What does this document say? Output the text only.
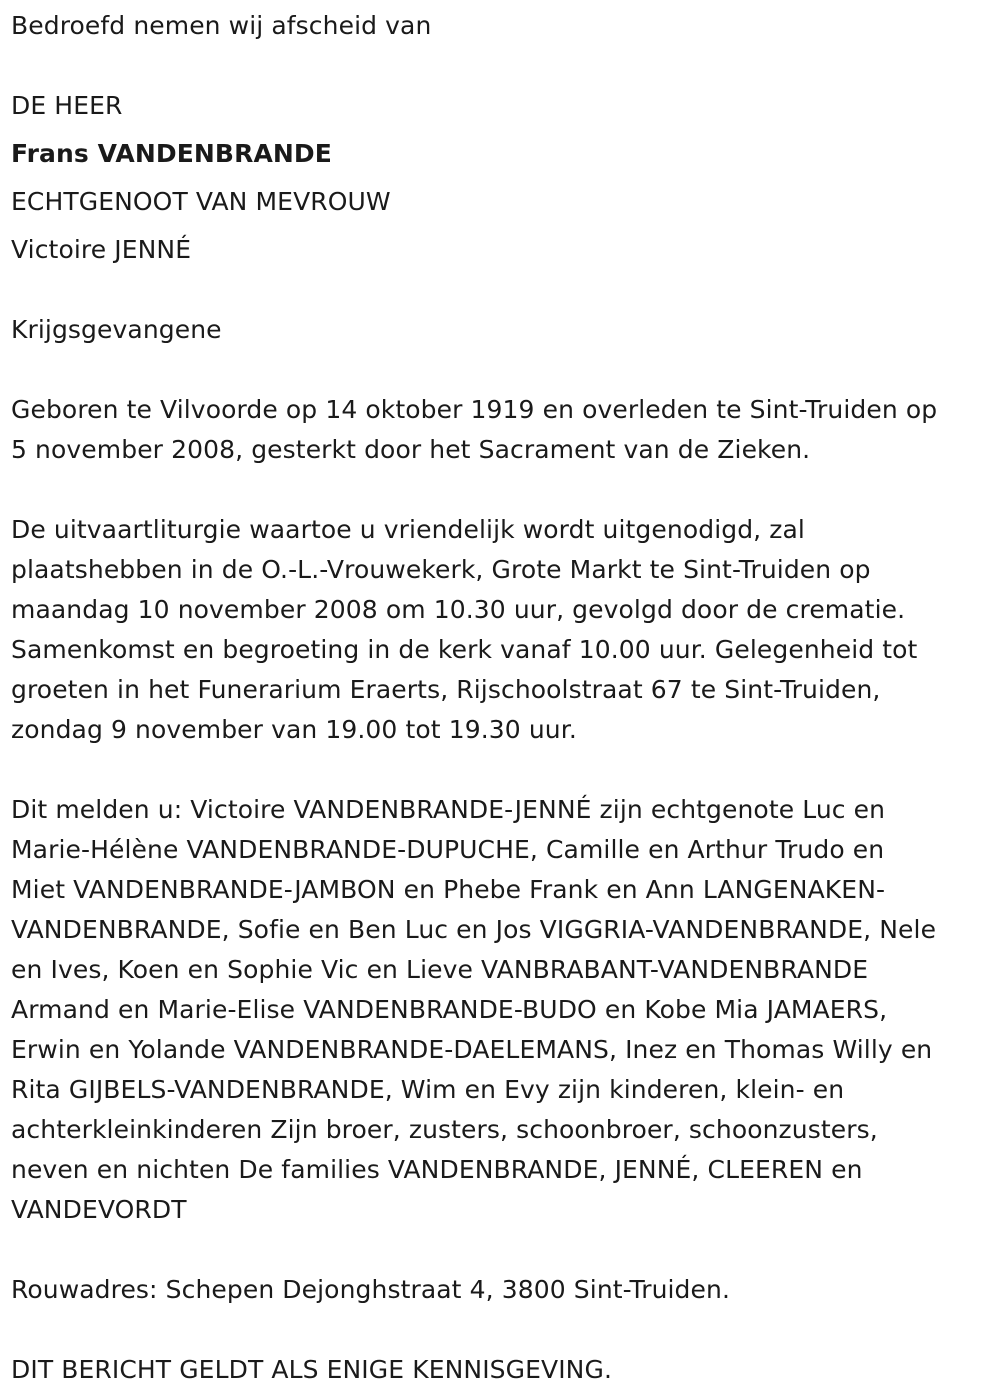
Bedroefd nemen wij afscheid van
DE HEER
Frans VANDENBRANDE
ECHTGENOOT VAN MEVROUW
Victoire JENNÉ
Krijgsgevangene
Geboren te Vilvoorde op 14 oktober 1919 en overleden te Sint-Truiden op
5 november 2008, gesterkt door het Sacrament van de Zieken.
De uitvaartliturgie waartoe u vriendelijk wordt uitgenodigd, zal
plaatshebben in de O.-L.-Vrouwekerk, Grote Markt te Sint-Truiden op
maandag 10 november 2008 om 10.30 uur, gevolgd door de crematie.
Samenkomst en begroeting in de kerk vanaf 10.00 uur. Gelegenheid tot
groeten in het Funerarium Eraerts, Rijschoolstraat 67 te Sint-Truiden,
zondag 9 november van 19.00 tot 19.30 uur.
Dit melden u: Victoire VANDENBRANDE-JENNÉ zijn echtgenote Luc en
Marie-Hélène VANDENBRANDE-DUPUCHE, Camille en Arthur Trudo en
Miet VANDENBRANDE-JAMBON en Phebe Frank en Ann LANGENAKEN-
VANDENBRANDE, Sofie en Ben Luc en Jos VIGGRIA-VANDENBRANDE, Nele
en Ives, Koen en Sophie Vic en Lieve VANBRABANT-VANDENBRANDE
Armand en Marie-Elise VANDENBRANDE-BUDO en Kobe Mia JAMAERS,
Erwin en Yolande VANDENBRANDE-DAELEMANS, Inez en Thomas Willy en
Rita GIJBELS-VANDENBRANDE, Wim en Evy zijn kinderen, klein- en
achterkleinkinderen Zijn broer, zusters, schoonbroer, schoonzusters,
neven en nichten De families VANDENBRANDE, JENNÉ, CLEEREN en
VANDEVORDT
Rouwadres: Schepen Dejonghstraat 4, 3800 Sint-Truiden.
DIT BERICHT GELDT ALS ENIGE KENNISGEVING.
